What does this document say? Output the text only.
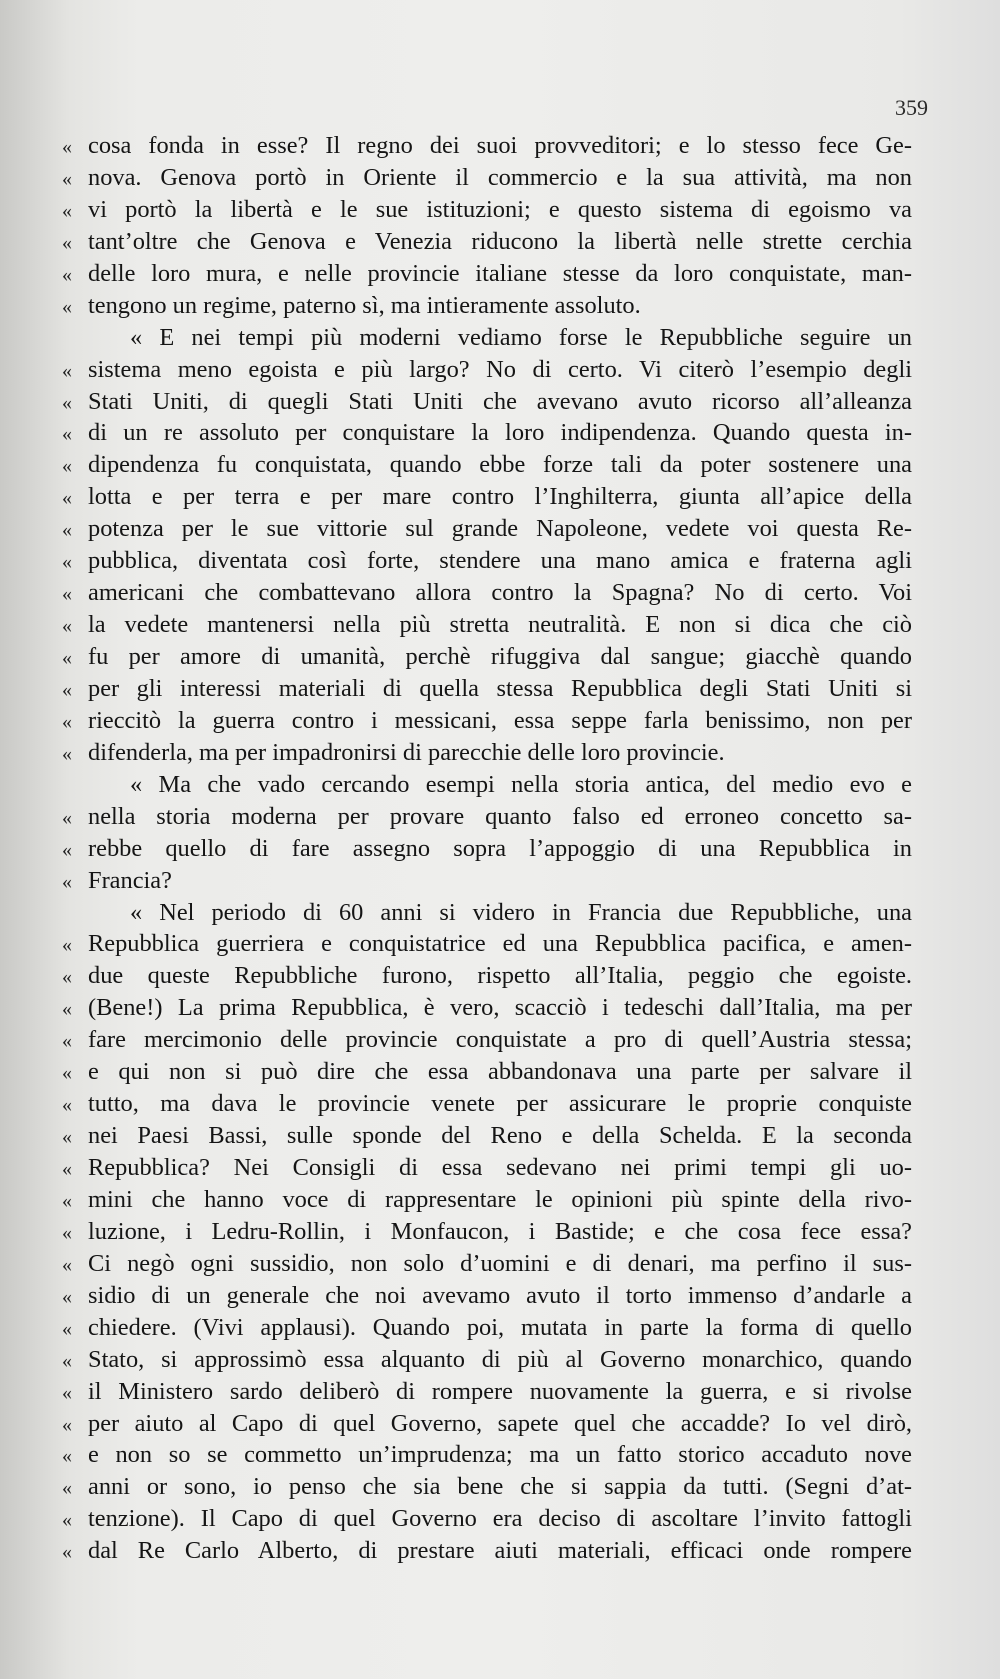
359
« cosa fonda in esse? Il regno dei suoi provveditori; e lo stesso fece Ge-
« nova. Genova portò in Oriente il commercio e la sua attività, ma non
« vi portò la libertà e le sue istituzioni; e questo sistema di egoismo va
« tant’oltre che Genova e Venezia riducono la libertà nelle strette cerchia
« delle loro mura, e nelle provincie italiane stesse da loro conquistate, man-
« tengono un regime, paterno sì, ma intieramente assoluto.
« E nei tempi più moderni vediamo forse le Repubbliche seguire un
« sistema meno egoista e più largo? No di certo. Vi citerò l’esempio degli
« Stati Uniti, di quegli Stati Uniti che avevano avuto ricorso all’alleanza
« di un re assoluto per conquistare la loro indipendenza. Quando questa in-
« dipendenza fu conquistata, quando ebbe forze tali da poter sostenere una
« lotta e per terra e per mare contro l’Inghilterra, giunta all’apice della
« potenza per le sue vittorie sul grande Napoleone, vedete voi questa Re-
« pubblica, diventata così forte, stendere una mano amica e fraterna agli
« americani che combattevano allora contro la Spagna? No di certo. Voi
« la vedete mantenersi nella più stretta neutralità. E non si dica che ciò
« fu per amore di umanità, perchè rifuggiva dal sangue; giacchè quando
« per gli interessi materiali di quella stessa Repubblica degli Stati Uniti si
« rieccitò la guerra contro i messicani, essa seppe farla benissimo, non per
« difenderla, ma per impadronirsi di parecchie delle loro provincie.
« Ma che vado cercando esempi nella storia antica, del medio evo e
« nella storia moderna per provare quanto falso ed erroneo concetto sa-
« rebbe quello di fare assegno sopra l’appoggio di una Repubblica in
« Francia?
« Nel periodo di 60 anni si videro in Francia due Repubbliche, una
« Repubblica guerriera e conquistatrice ed una Repubblica pacifica, e amen-
« due queste Repubbliche furono, rispetto all’Italia, peggio che egoiste.
« (Bene!) La prima Repubblica, è vero, scacciò i tedeschi dall’Italia, ma per
« fare mercimonio delle provincie conquistate a pro di quell’Austria stessa;
« e qui non si può dire che essa abbandonava una parte per salvare il
« tutto, ma dava le provincie venete per assicurare le proprie conquiste
« nei Paesi Bassi, sulle sponde del Reno e della Schelda. E la seconda
« Repubblica? Nei Consigli di essa sedevano nei primi tempi gli uo-
« mini che hanno voce di rappresentare le opinioni più spinte della rivo-
« luzione, i Ledru-Rollin, i Monfaucon, i Bastide; e che cosa fece essa?
« Ci negò ogni sussidio, non solo d’uomini e di denari, ma perfino il sus-
« sidio di un generale che noi avevamo avuto il torto immenso d’andarle a
« chiedere. (Vivi applausi). Quando poi, mutata in parte la forma di quello
« Stato, si approssimò essa alquanto di più al Governo monarchico, quando
« il Ministero sardo deliberò di rompere nuovamente la guerra, e si rivolse
« per aiuto al Capo di quel Governo, sapete quel che accadde? Io vel dirò,
« e non so se commetto un’imprudenza; ma un fatto storico accaduto nove
« anni or sono, io penso che sia bene che si sappia da tutti. (Segni d’at-
« tenzione). Il Capo di quel Governo era deciso di ascoltare l’invito fattogli
« dal Re Carlo Alberto, di prestare aiuti materiali, efficaci onde rompere
